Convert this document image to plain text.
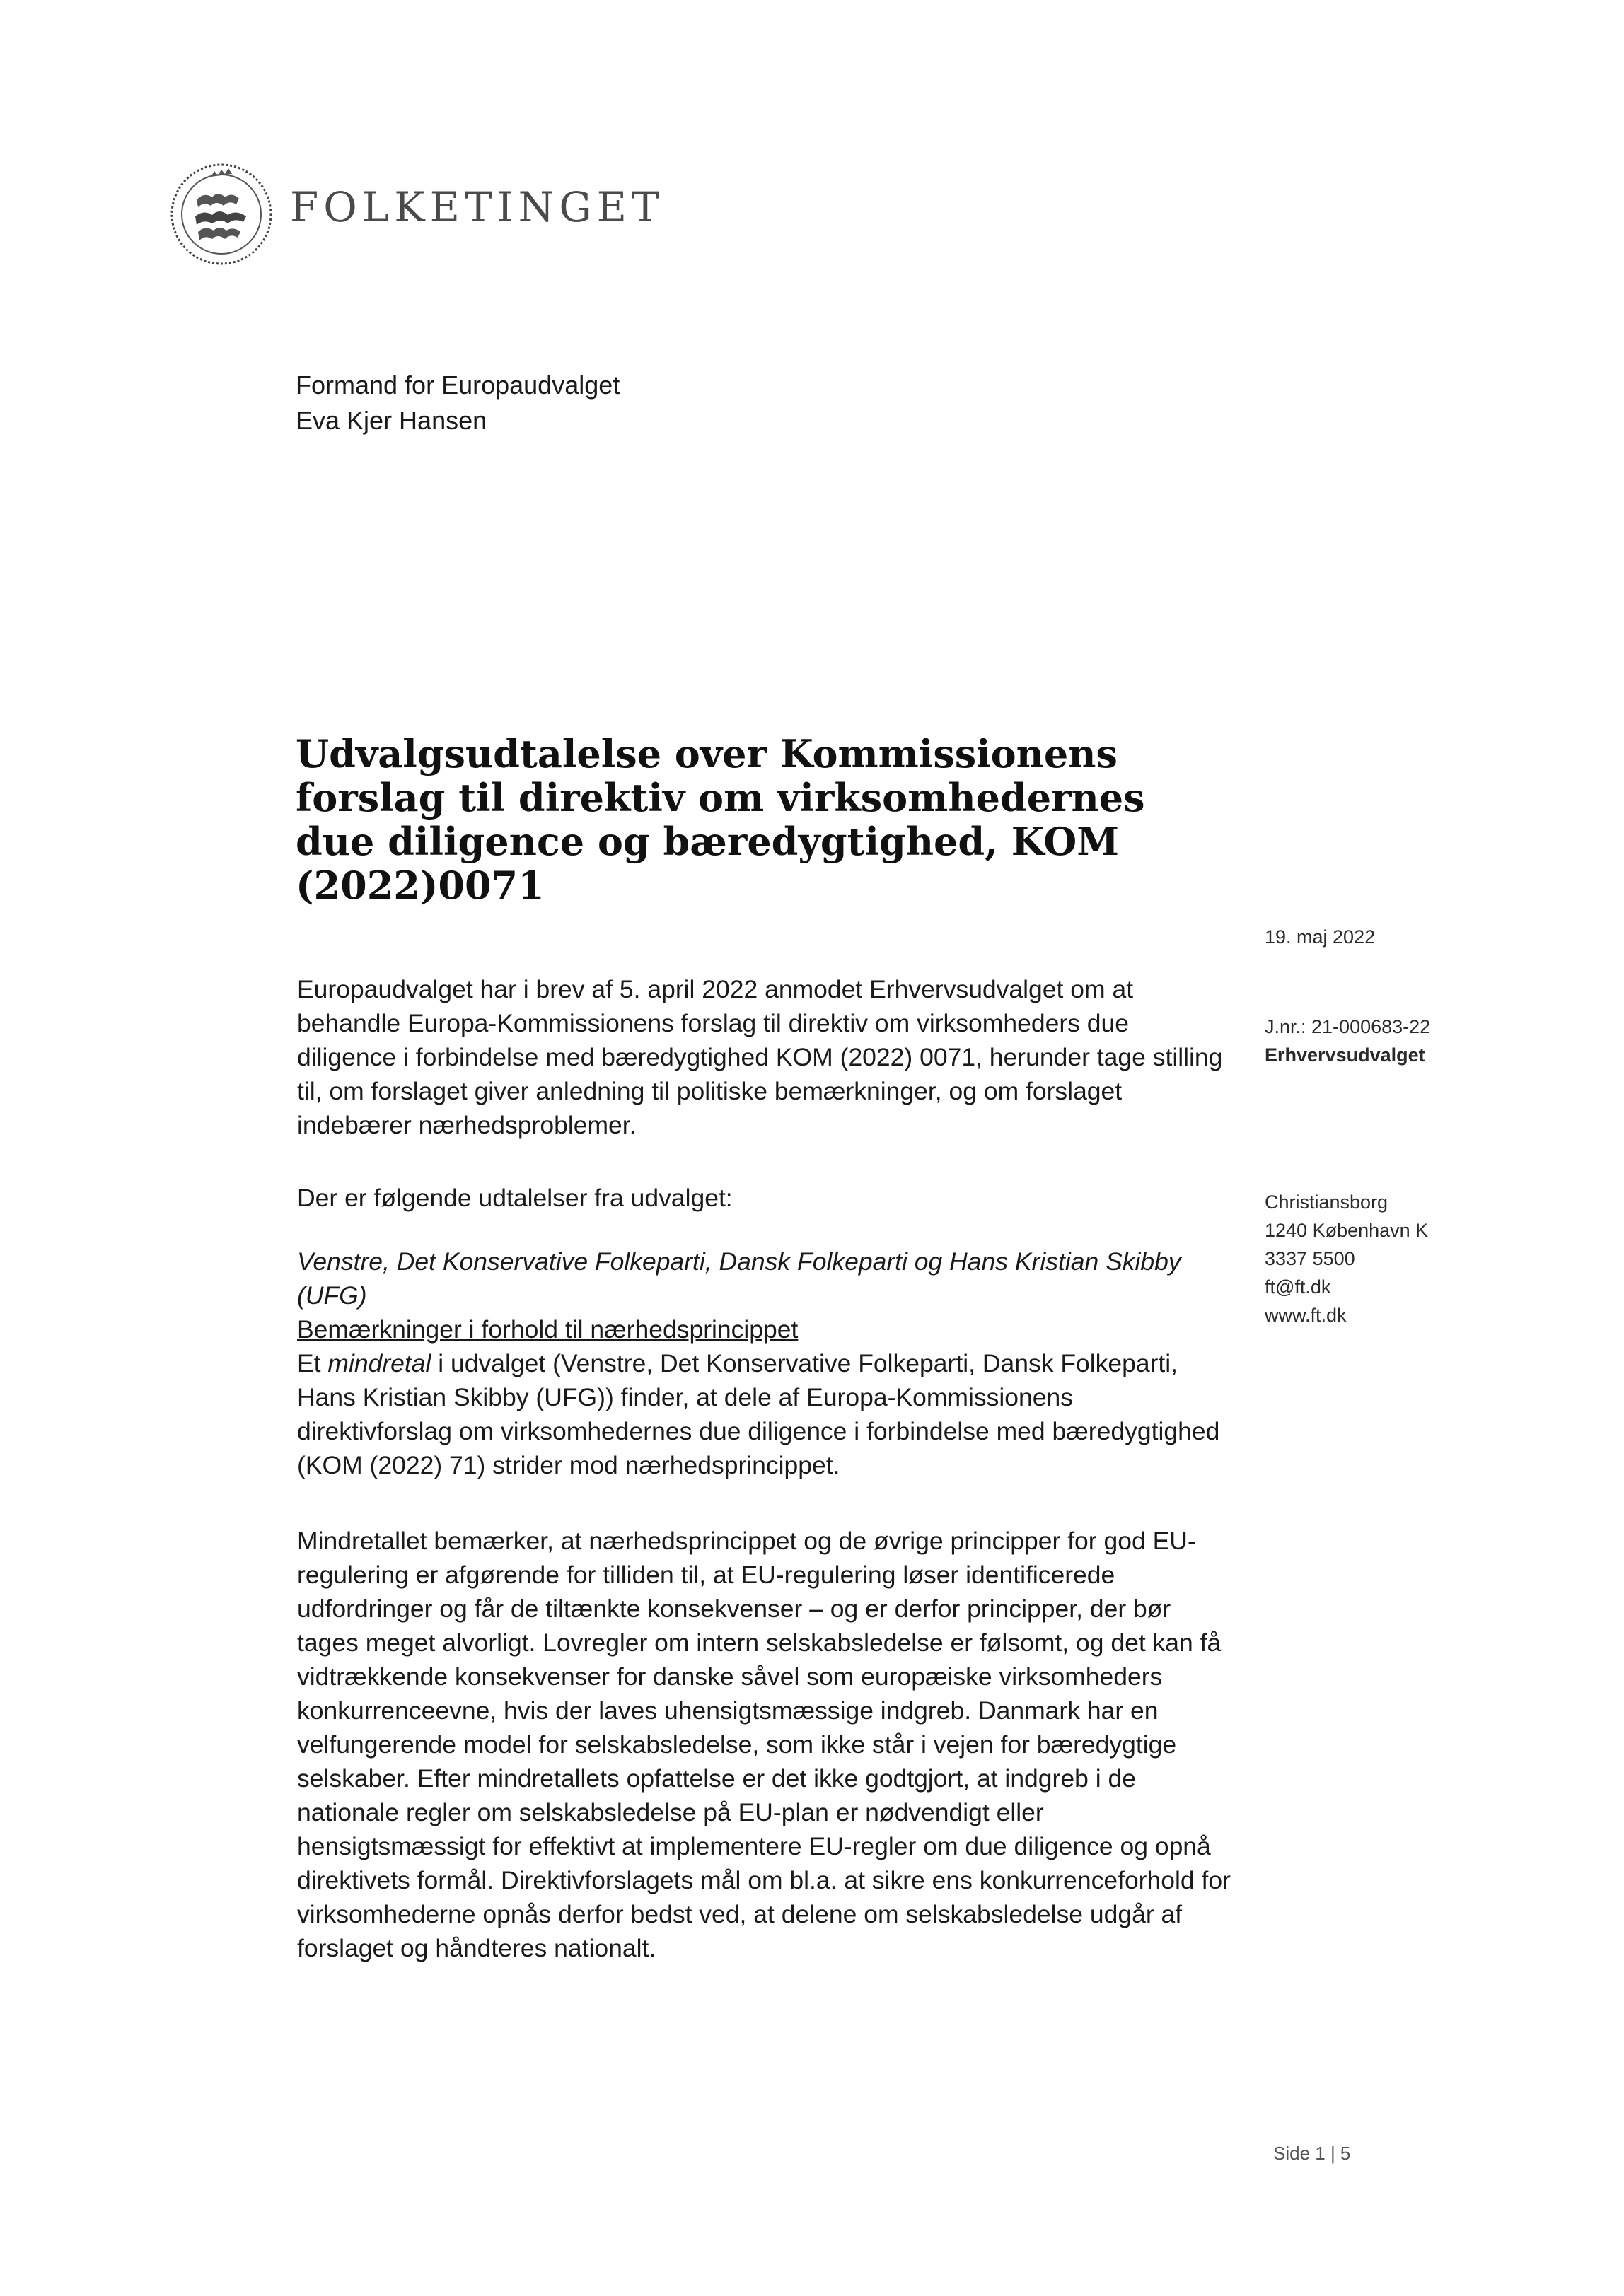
FOLKETINGET
Formand for Europaudvalget
Eva Kjer Hansen
Udvalgsudtalelse over Kommissionens forslag til direktiv om virksomhedernes due diligence og bæredygtighed, KOM (2022)0071
19. maj 2022
J.nr.: 21-000683-22
Erhvervsudvalget
Christiansborg
1240 København K
3337 5500
ft@ft.dk
www.ft.dk

Europaudvalget har i brev af 5. april 2022 anmodet Erhvervsudvalget om at behandle Europa-Kommissionens forslag til direktiv om virksomheders due diligence i forbindelse med bæredygtighed KOM (2022) 0071, herunder tage stilling til, om forslaget giver anledning til politiske bemærkninger, og om forslaget indebærer nærhedsproblemer.

Der er følgende udtalelser fra udvalget:

Venstre, Det Konservative Folkeparti, Dansk Folkeparti og Hans Kristian Skibby (UFG)

Bemærkninger i forhold til nærhedsprincippet

Et mindretal i udvalget (Venstre, Det Konservative Folkeparti, Dansk Folkeparti, Hans Kristian Skibby (UFG)) finder, at dele af Europa-Kommissionens direktivforslag om virksomhedernes due diligence i forbindelse med bæredygtighed (KOM (2022) 71) strider mod nærhedsprincippet.

Mindretallet bemærker, at nærhedsprincippet og de øvrige principper for god EU-regulering er afgørende for tilliden til, at EU-regulering løser identificerede udfordringer og får de tiltænkte konsekvenser – og er derfor principper, der bør tages meget alvorligt. Lovregler om intern selskabsledelse er følsomt, og det kan få vidtrækkende konsekvenser for danske såvel som europæiske virksomheders konkurrenceevne, hvis der laves uhensigtsmæssige indgreb. Danmark har en velfungerende model for selskabsledelse, som ikke står i vejen for bæredygtige selskaber. Efter mindretallets opfattelse er det ikke godtgjort, at indgreb i de nationale regler om selskabsledelse på EU-plan er nødvendigt eller hensigtsmæssigt for effektivt at implementere EU-regler om due diligence og opnå direktivets formål. Direktivforslagets mål om bl.a. at sikre ens konkurrenceforhold for virksomhederne opnås derfor bedst ved, at delene om selskabsledelse udgår af forslaget og håndteres nationalt.

Side 1 | 5
